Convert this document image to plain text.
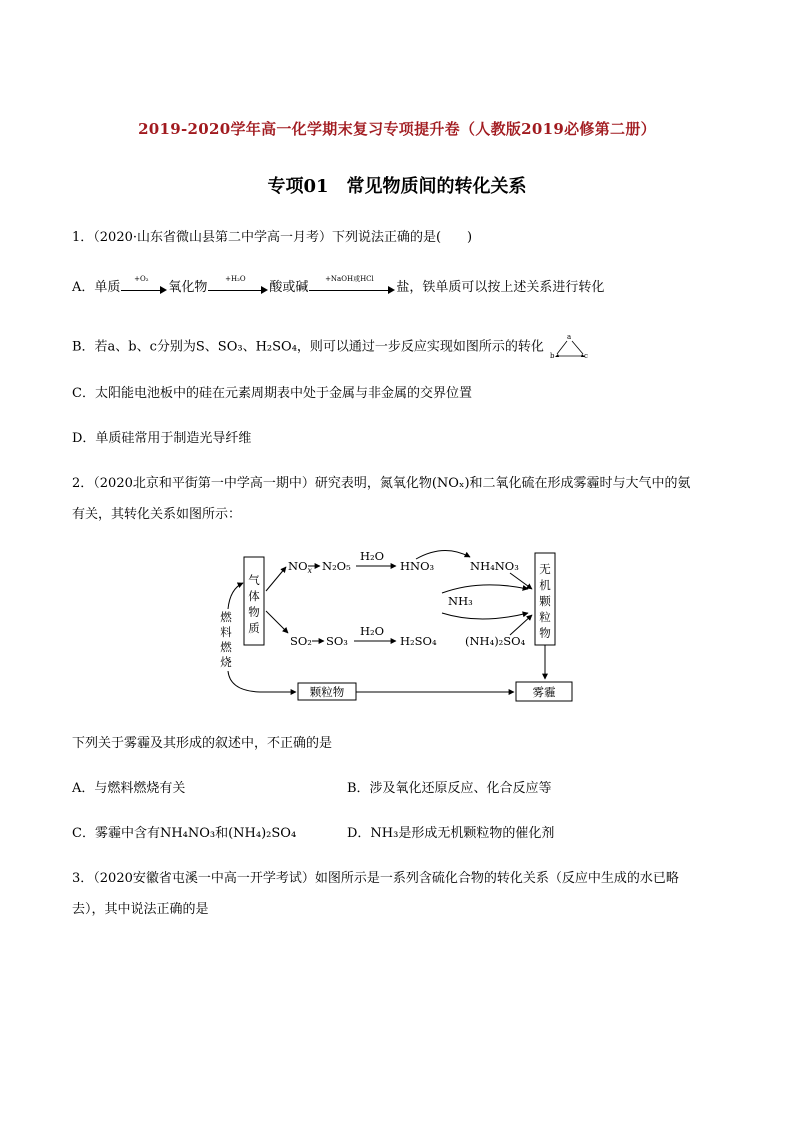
2019-2020学年高一化学期末复习专项提升卷（人教版2019必修第二册）
专项01　常见物质间的转化关系
1．（2020·山东省微山县第二中学高一月考）下列说法正确的是(　　)
A．单质
+O₂
氧化物
+H₂O
酸或碱
+NaOH或HCl
盐，铁单质可以按上述关系进行转化
B．若a、b、c分别为S、SO₃、H₂SO₄，则可以通过一步反应实现如图所示的转化
a
b	c
C．太阳能电池板中的硅在元素周期表中处于金属与非金属的交界位置
D．单质硅常用于制造光导纤维
2．（2020北京和平街第一中学高一期中）研究表明，氮氧化物(NOₓ)和二氧化硫在形成雾霾时与大气中的氨
有关，其转化关系如图所示：
气
体
物
质
无
机
颗
粒
物
燃
料
燃
烧
$NO_x$ N₂O₅
H₂O
HNO₃	NH₄NO₃
NH₃
SO₂ SO₃
H₂O
H₂SO₄ (NH₄)₂SO₄
颗粒物	雾霾
下列关于雾霾及其形成的叙述中，不正确的是
A．与燃料燃烧有关	B．涉及氧化还原反应、化合反应等
C．雾霾中含有NH₄NO₃和(NH₄)₂SO₄	D．NH₃是形成无机颗粒物的催化剂
3．（2020安徽省屯溪一中高一开学考试）如图所示是一系列含硫化合物的转化关系（反应中生成的水已略
去），其中说法正确的是
